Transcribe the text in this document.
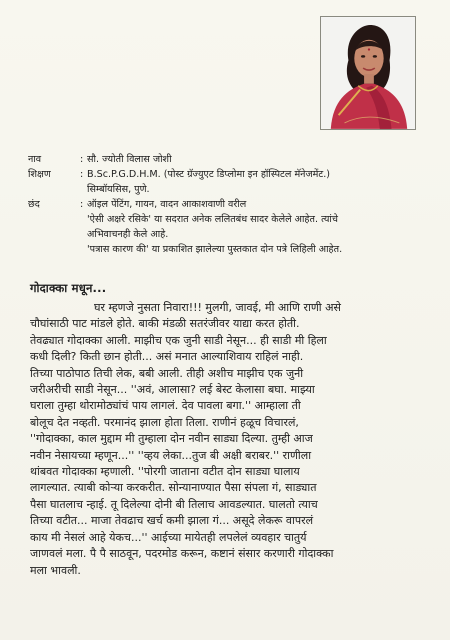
नाव	: सौ. ज्योती विलास जोशी
शिक्षण	: B.Sc.P.G.D.H.M. (पोस्ट ग्रॅज्युएट डिप्लोमा इन हॉस्पिटल मॅनेजमेंट.)
सिम्बॉयसिस, पुणे.
छंद	: ऑइल पेंटिंग, गायन, वादन आकाशवाणी वरील
'ऐसी अक्षरे रसिके' या सदरात अनेक ललितबंध सादर केलेले आहेत. त्यांचे
अभिवाचनही केले आहे.
'पत्रास कारण की' या प्रकाशित झालेल्या पुस्तकात दोन पत्रे लिहिली आहेत.
गोदाक्का मधून...
घर म्हणजे नुसता निवारा!!! मुलगी, जावई, मी आणि राणी असे
चौघांसाठी पाट मांडले होते. बाकी मंडळी सतरंजीवर याद्या करत होती.
तेवढ्यात गोदाक्का आली. माझीच एक जुनी साडी नेसून... ही साडी मी हिला
कधी दिली? किती छान होती... असं मनात आल्याशिवाय राहिलं नाही.
तिच्या पाठोपाठ तिची लेक, बबी आली. तीही अशीच माझीच एक जुनी
जरीअरीची साडी नेसून... ''अवं, आलासा? लई बेस्ट केलासा बघा. माझ्या
घराला तुम्हा थोरामोठ्यांचं पाय लागलं. देव पावला बगा.'' आम्हाला ती
बोलूच देत नव्हती. परमानंद झाला होता तिला. राणीनं हळूच विचारलं,
''गोदाक्का, काल मुद्दाम मी तुम्हाला दोन नवीन साड्या दिल्या. तुम्ही आज
नवीन नेसायच्या म्हणून...'' ''व्हय लेका...तुज बी अक्षी बराबर.'' राणीला
थांबवत गोदाक्का म्हणाली. ''पोरगी जाताना वटीत दोन साड्या घालाय
लागल्यात. त्याबी कोऱ्या करकरीत. सोन्यानाण्यात पैसा संपला गं, साड्यात
पैसा घातलाच न्हाई. तू दिलेल्या दोनी बी तिलाच आवडल्यात. घालतो त्याच
तिच्या वटीत... माजा तेवढाच खर्च कमी झाला गं... असूदे लेकरू वापरलं
काय मी नेसलं आहे येकच...'' आईच्या मायेतही लपलेलं व्यवहार चातुर्य
जाणवलं मला. पै पै साठवून, पदरमोड करून, कष्टानं संसार करणारी गोदाक्का
मला भावली.
